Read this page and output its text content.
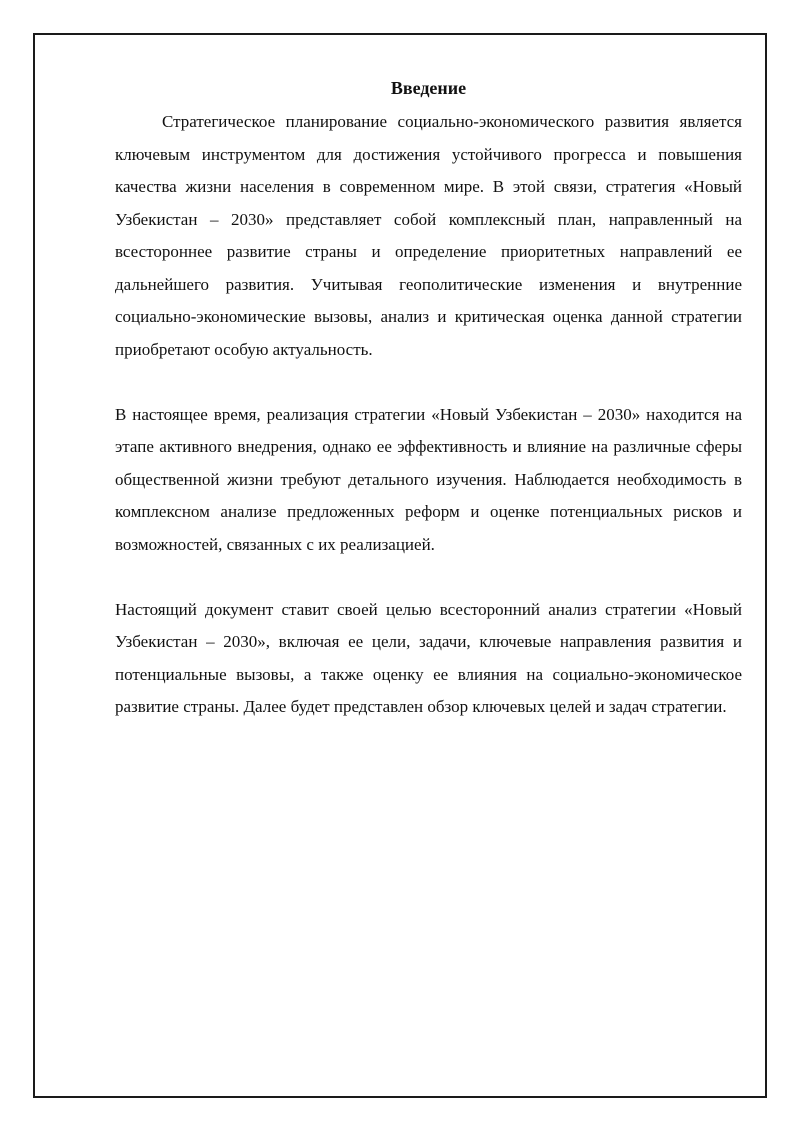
Введение

Стратегическое планирование социально-экономического развития является ключевым инструментом для достижения устойчивого прогресса и повышения качества жизни населения в современном мире. В этой связи, стратегия «Новый Узбекистан – 2030» представляет собой комплексный план, направленный на всестороннее развитие страны и определение приоритетных направлений ее дальнейшего развития. Учитывая геополитические изменения и внутренние социально-экономические вызовы, анализ и критическая оценка данной стратегии приобретают особую актуальность.

В настоящее время, реализация стратегии «Новый Узбекистан – 2030» находится на этапе активного внедрения, однако ее эффективность и влияние на различные сферы общественной жизни требуют детального изучения. Наблюдается необходимость в комплексном анализе предложенных реформ и оценке потенциальных рисков и возможностей, связанных с их реализацией.

Настоящий документ ставит своей целью всесторонний анализ стратегии «Новый Узбекистан – 2030», включая ее цели, задачи, ключевые направления развития и потенциальные вызовы, а также оценку ее влияния на социально-экономическое развитие страны. Далее будет представлен обзор ключевых целей и задач стратегии.
